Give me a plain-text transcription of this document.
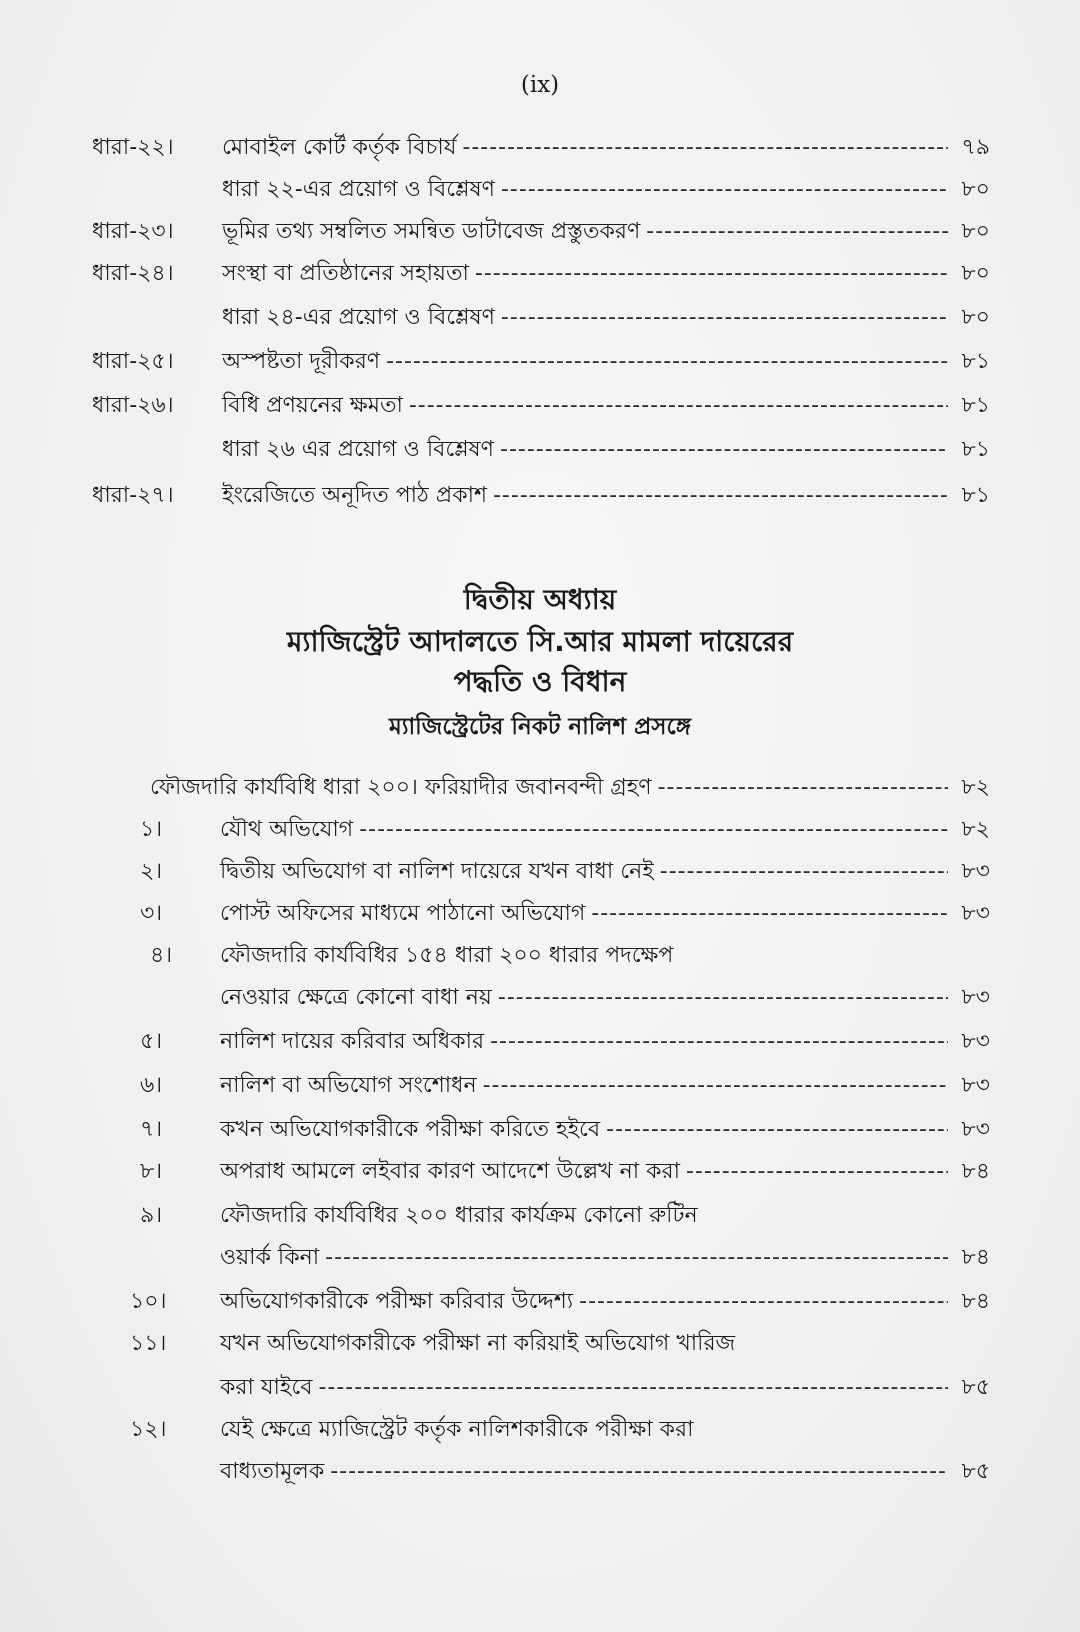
(ix)
ধারা-২২।	মোবাইল কোর্ট কর্তৃক বিচার্য -----	৭৯
ধারা ২২-এর প্রয়োগ ও বিশ্লেষণ -----	৮০
ধারা-২৩।	ভূমির তথ্য সম্বলিত সমন্বিত ডাটাবেজ প্রস্তুতকরণ -----	৮০
ধারা-২৪।	সংস্থা বা প্রতিষ্ঠানের সহায়তা -----	৮০
ধারা ২৪-এর প্রয়োগ ও বিশ্লেষণ -----	৮০
ধারা-২৫।	অস্পষ্টতা দূরীকরণ -----	৮১
ধারা-২৬।	বিধি প্রণয়নের ক্ষমতা -----	৮১
ধারা ২৬ এর প্রয়োগ ও বিশ্লেষণ -----	৮১
ধারা-২৭।	ইংরেজিতে অনূদিত পাঠ প্রকাশ -----	৮১
দ্বিতীয় অধ্যায়
ম্যাজিস্ট্রেট আদালতে সি.আর মামলা দায়েরের
পদ্ধতি ও বিধান
ম্যাজিস্ট্রেটের নিকট নালিশ প্রসঙ্গে
ফৌজদারি কার্যবিধি ধারা ২০০। ফরিয়াদীর জবানবন্দী গ্রহণ -----	৮২
১।	যৌথ অভিযোগ -----	৮২
২।	দ্বিতীয় অভিযোগ বা নালিশ দায়েরে যখন বাধা নেই -----	৮৩
৩।	পোস্ট অফিসের মাধ্যমে পাঠানো অভিযোগ -----	৮৩
৪।	ফৌজদারি কার্যবিধির ১৫৪ ধারা ২০০ ধারার পদক্ষেপ
নেওয়ার ক্ষেত্রে কোনো বাধা নয় -----	৮৩
৫।	নালিশ দায়ের করিবার অধিকার -----	৮৩
৬।	নালিশ বা অভিযোগ সংশোধন -----	৮৩
৭।	কখন অভিযোগকারীকে পরীক্ষা করিতে হইবে -----	৮৩
৮।	অপরাধ আমলে লইবার কারণ আদেশে উল্লেখ না করা -----	৮৪
৯।	ফৌজদারি কার্যবিধির ২০০ ধারার কার্যক্রম কোনো রুটিন
ওয়ার্ক কিনা -----	৮৪
১০।	অভিযোগকারীকে পরীক্ষা করিবার উদ্দেশ্য -----	৮৪
১১।	যখন অভিযোগকারীকে পরীক্ষা না করিয়াই অভিযোগ খারিজ
করা যাইবে -----	৮৫
১২।	যেই ক্ষেত্রে ম্যাজিস্ট্রেট কর্তৃক নালিশকারীকে পরীক্ষা করা
বাধ্যতামূলক -----	৮৫
